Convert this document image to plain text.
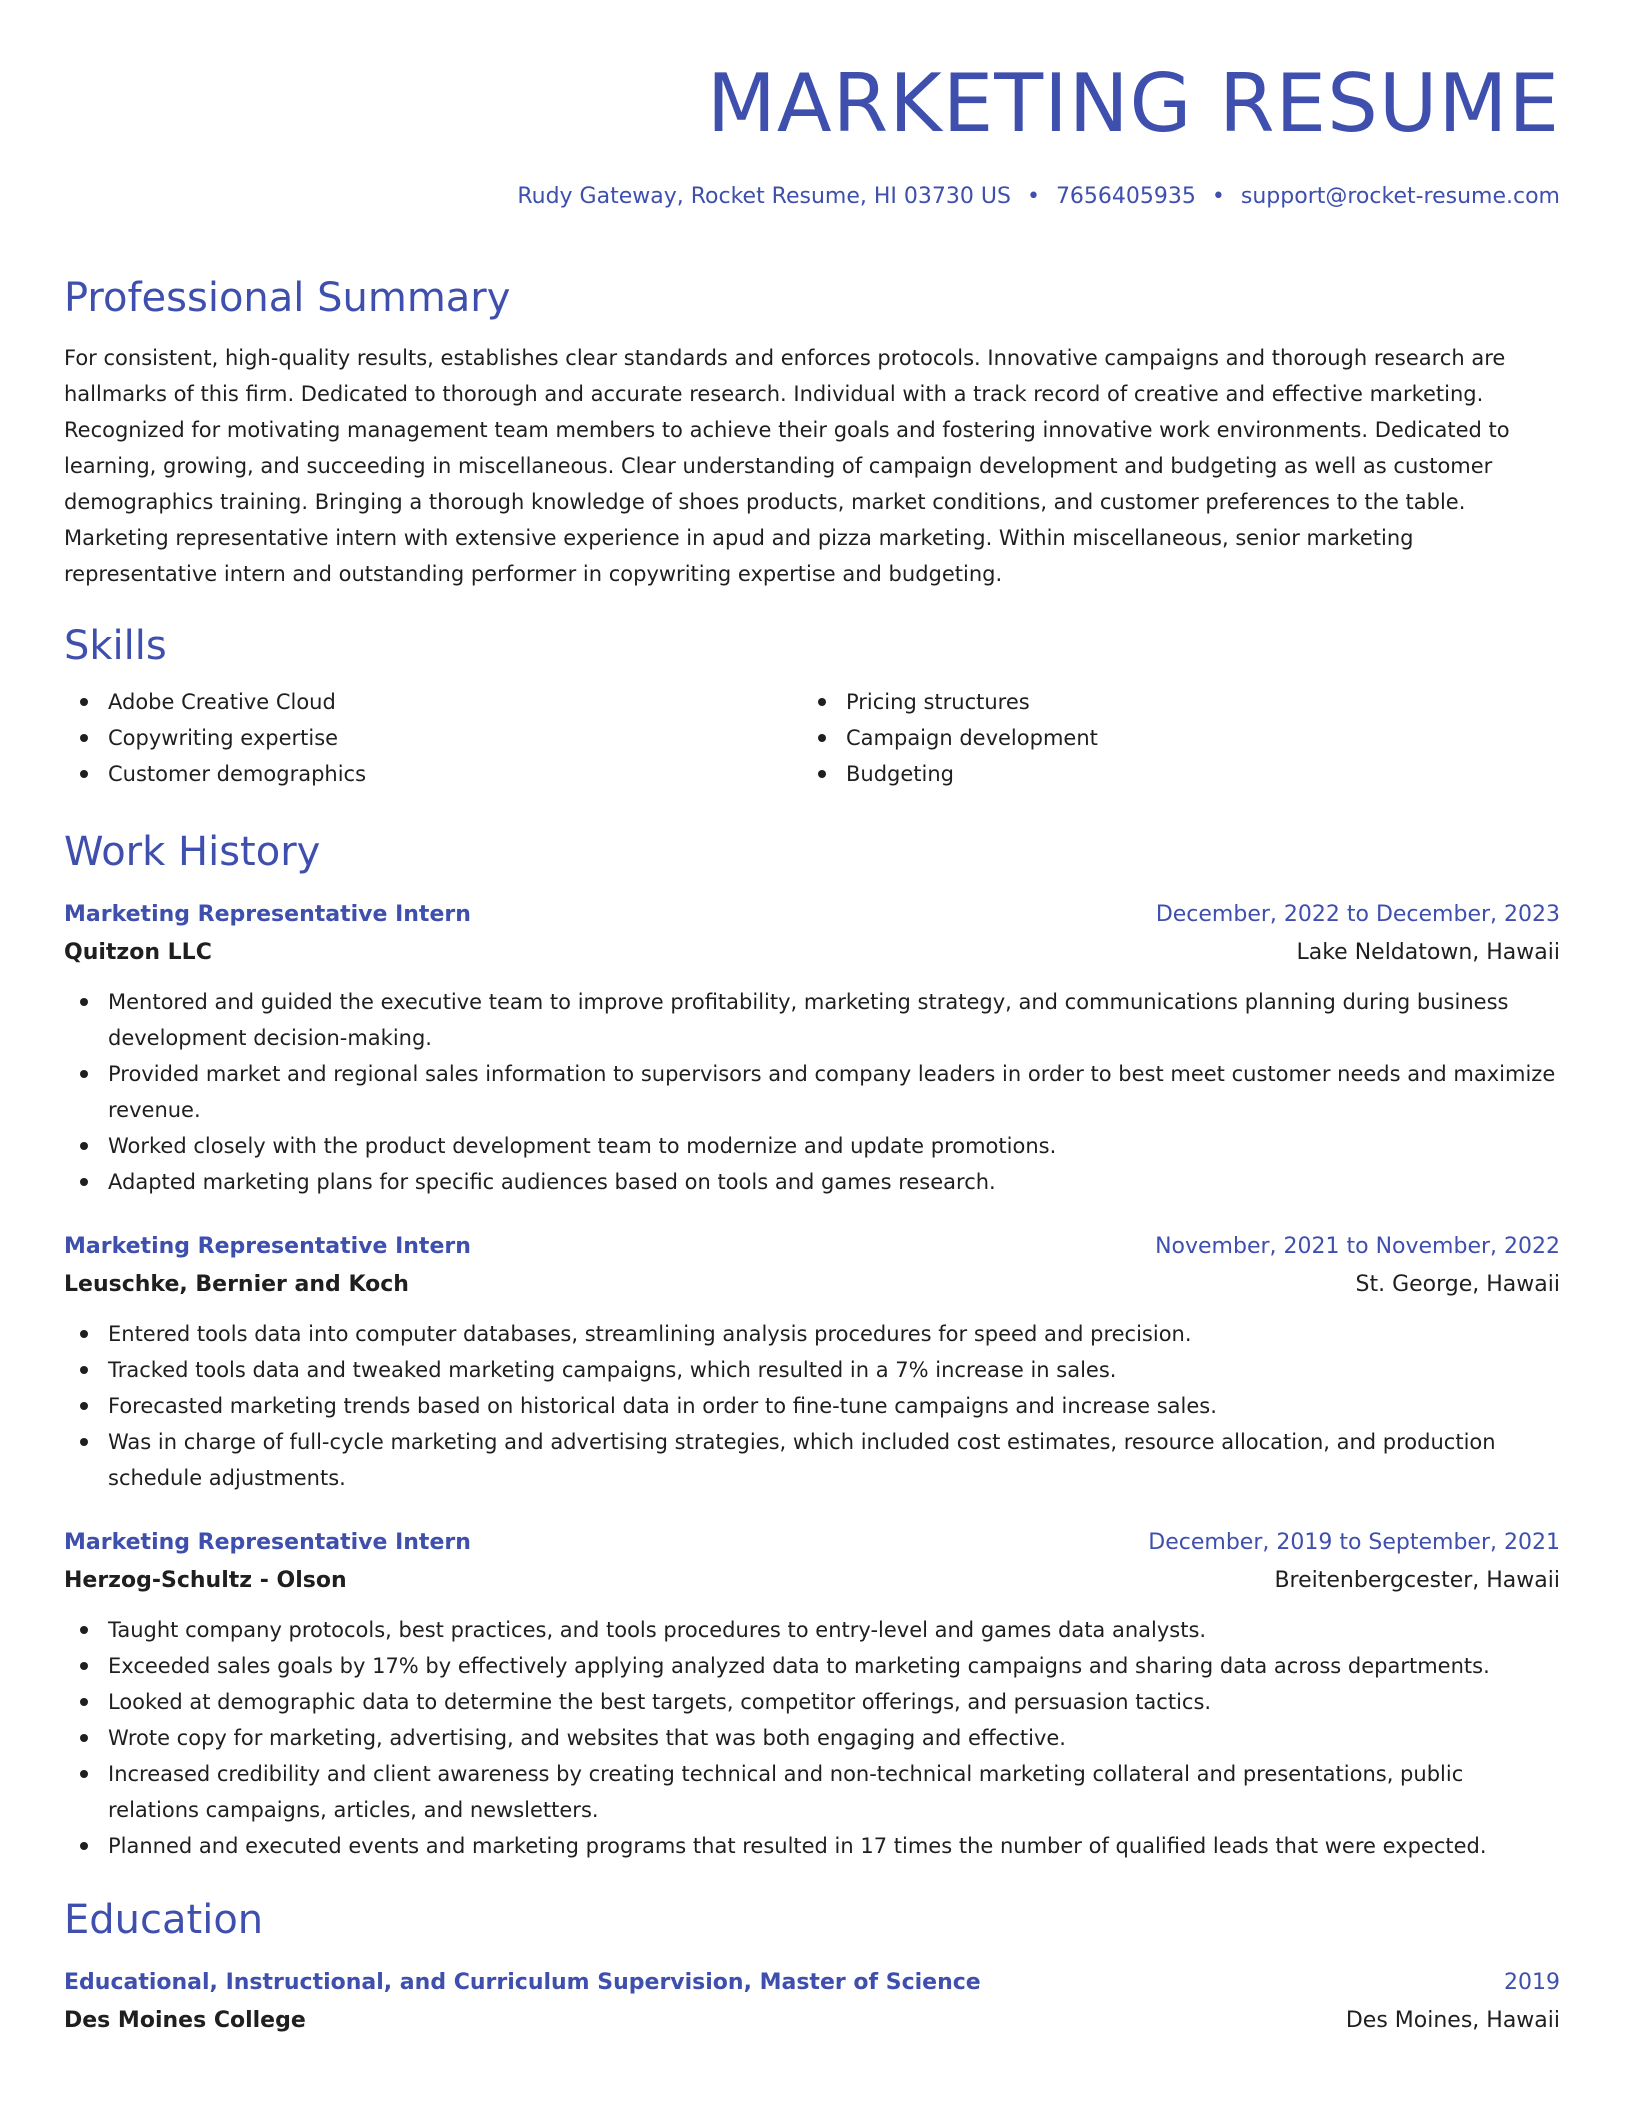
MARKETING RESUME
Rudy Gateway, Rocket Resume, HI 03730 US • 7656405935 • support@rocket-resume.com
Professional Summary
For consistent, high-quality results, establishes clear standards and enforces protocols. Innovative campaigns and thorough research are hallmarks of this firm. Dedicated to thorough and accurate research. Individual with a track record of creative and effective marketing. Recognized for motivating management team members to achieve their goals and fostering innovative work environments. Dedicated to learning, growing, and succeeding in miscellaneous. Clear understanding of campaign development and budgeting as well as customer demographics training. Bringing a thorough knowledge of shoes products, market conditions, and customer preferences to the table. Marketing representative intern with extensive experience in apud and pizza marketing. Within miscellaneous, senior marketing representative intern and outstanding performer in copywriting expertise and budgeting.
Skills
Adobe Creative Cloud
Copywriting expertise
Customer demographics
Pricing structures
Campaign development
Budgeting
Work History
Marketing Representative Intern	December, 2022 to December, 2023
Quitzon LLC	Lake Neldatown, Hawaii
Mentored and guided the executive team to improve profitability, marketing strategy, and communications planning during business development decision-making.
Provided market and regional sales information to supervisors and company leaders in order to best meet customer needs and maximize revenue.
Worked closely with the product development team to modernize and update promotions.
Adapted marketing plans for specific audiences based on tools and games research.
Marketing Representative Intern	November, 2021 to November, 2022
Leuschke, Bernier and Koch	St. George, Hawaii
Entered tools data into computer databases, streamlining analysis procedures for speed and precision.
Tracked tools data and tweaked marketing campaigns, which resulted in a 7% increase in sales.
Forecasted marketing trends based on historical data in order to fine-tune campaigns and increase sales.
Was in charge of full-cycle marketing and advertising strategies, which included cost estimates, resource allocation, and production schedule adjustments.
Marketing Representative Intern	December, 2019 to September, 2021
Herzog-Schultz - Olson	Breitenbergcester, Hawaii
Taught company protocols, best practices, and tools procedures to entry-level and games data analysts.
Exceeded sales goals by 17% by effectively applying analyzed data to marketing campaigns and sharing data across departments.
Looked at demographic data to determine the best targets, competitor offerings, and persuasion tactics.
Wrote copy for marketing, advertising, and websites that was both engaging and effective.
Increased credibility and client awareness by creating technical and non-technical marketing collateral and presentations, public relations campaigns, articles, and newsletters.
Planned and executed events and marketing programs that resulted in 17 times the number of qualified leads that were expected.
Education
Educational, Instructional, and Curriculum Supervision, Master of Science	2019
Des Moines College	Des Moines, Hawaii
